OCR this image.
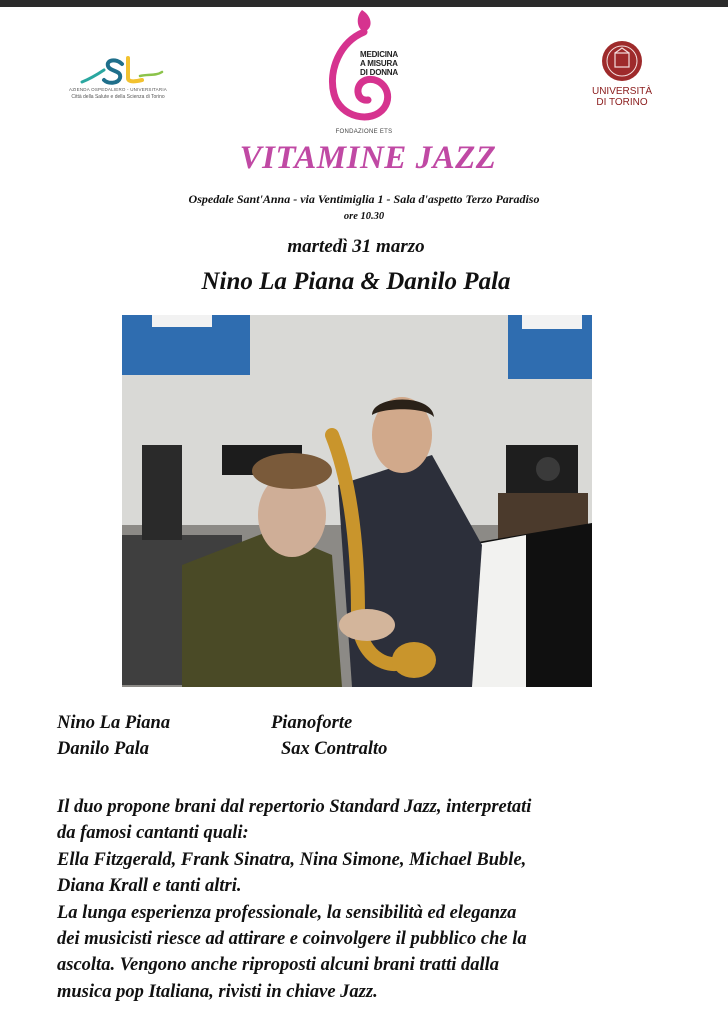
AZIENDA OSPEDALIERO - UNIVERSITARIA
Città della Salute e della Scienza di Torino
MEDICINA
A MISURA
DI DONNA
FONDAZIONE ETS
UNIVERSITÀ
DI TORINO
VITAMINE JAZZ
Ospedale Sant'Anna - via Ventimiglia 1 - Sala d'aspetto Terzo Paradiso
ore 10.30
martedì 31 marzo
Nino La Piana & Danilo Pala
Nino La Piana	Pianoforte
Danilo Pala	Sax Contralto
Il duo propone brani dal repertorio Standard Jazz, interpretati
da famosi cantanti quali:
Ella Fitzgerald, Frank Sinatra, Nina Simone, Michael Buble,
Diana Krall e tanti altri.
La lunga esperienza professionale, la sensibilità ed eleganza
dei musicisti riesce ad attirare e coinvolgere il pubblico che la
ascolta. Vengono anche riproposti alcuni brani tratti dalla
musica pop Italiana, rivisti in chiave Jazz.
